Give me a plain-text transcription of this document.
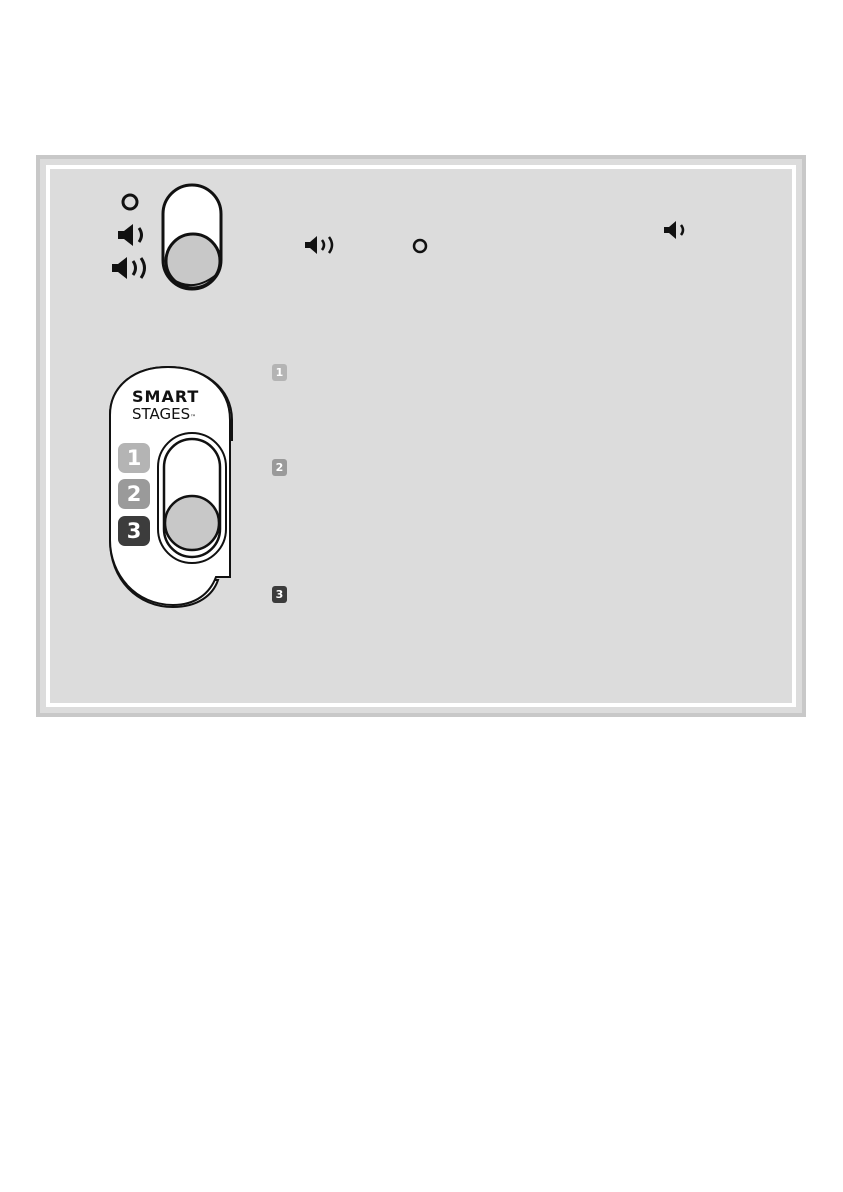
SMART
STAGES™
1
2
3
1
2
3
